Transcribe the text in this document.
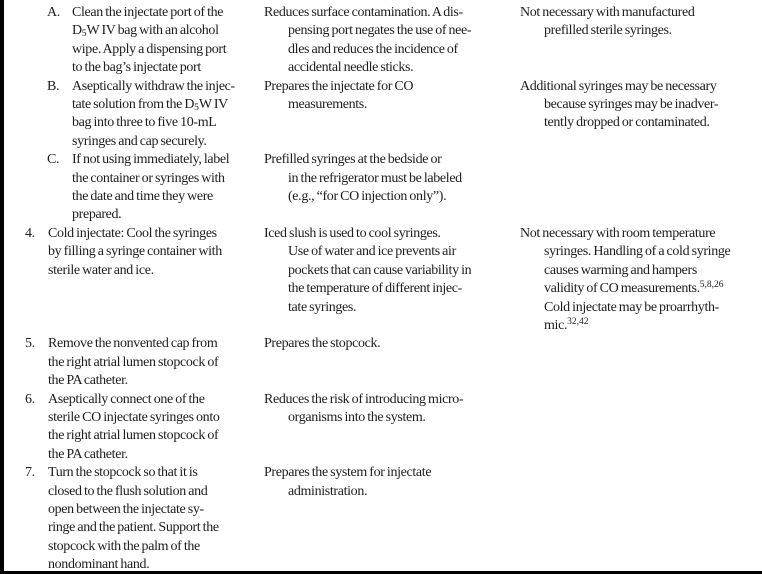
A. Clean the injectate port of the
$D_5W$ IV bag with an alcohol
wipe. Apply a dispensing port
to the bag’s injectate port
Reduces surface contamination. A dis-
pensing port negates the use of nee-
dles and reduces the incidence of
accidental needle sticks.
Not necessary with manufactured
prefilled sterile syringes.
B. Aseptically withdraw the injec-
tate solution from the $D_5W$ IV
bag into three to five 10-mL
syringes and cap securely.
Prepares the injectate for CO
measurements.
Additional syringes may be necessary
because syringes may be inadver-
tently dropped or contaminated.
C. If not using immediately, label
the container or syringes with
the date and time they were
prepared.
Prefilled syringes at the bedside or
in the refrigerator must be labeled
(e.g., “for CO injection only”).
4. Cold injectate: Cool the syringes
by filling a syringe container with
sterile water and ice.
Iced slush is used to cool syringes.
Use of water and ice prevents air
pockets that can cause variability in
the temperature of different injec-
tate syringes.
Not necessary with room temperature
syringes. Handling of a cold syringe
causes warming and hampers
validity of CO measurements.$^{5,8,26}$
Cold injectate may be proarrhyth-
mic.$^{32,42}$
5. Remove the nonvented cap from
the right atrial lumen stopcock of
the PA catheter.
Prepares the stopcock.
6. Aseptically connect one of the
sterile CO injectate syringes onto
the right atrial lumen stopcock of
the PA catheter.
Reduces the risk of introducing micro-
organisms into the system.
7. Turn the stopcock so that it is
closed to the flush solution and
open between the injectate sy-
ringe and the patient. Support the
stopcock with the palm of the
nondominant hand.
Prepares the system for injectate
administration.
